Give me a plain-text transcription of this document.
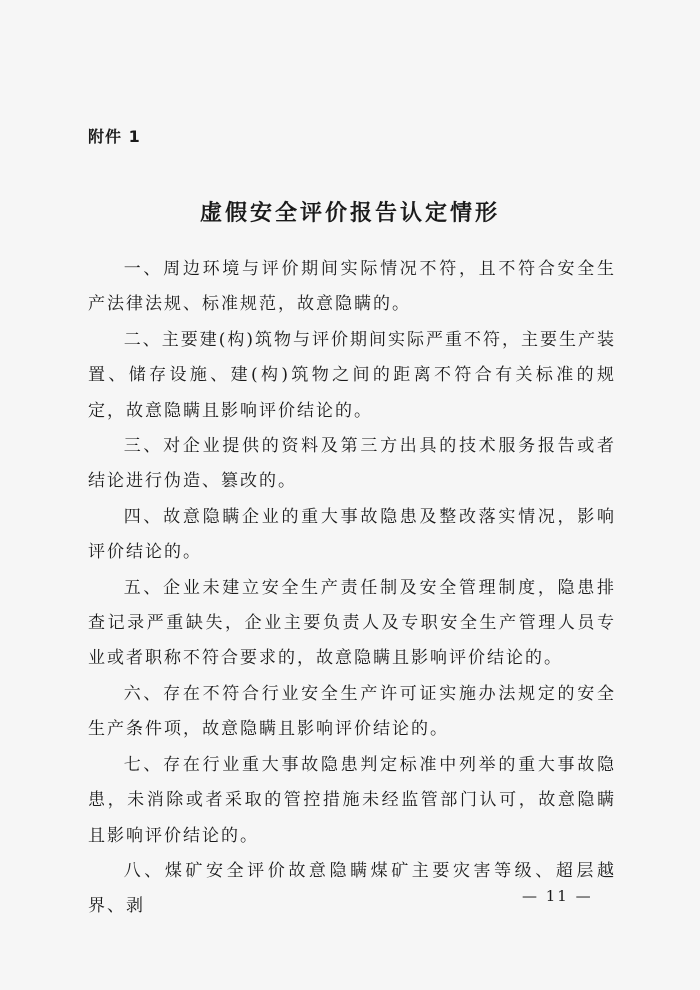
附件 1
虚假安全评价报告认定情形

一、周边环境与评价期间实际情况不符，且不符合安全生产法律法规、标准规范，故意隐瞒的。

二、主要建(构)筑物与评价期间实际严重不符，主要生产装置、储存设施、建(构)筑物之间的距离不符合有关标准的规定，故意隐瞒且影响评价结论的。

三、对企业提供的资料及第三方出具的技术服务报告或者结论进行伪造、篡改的。

四、故意隐瞒企业的重大事故隐患及整改落实情况，影响评价结论的。

五、企业未建立安全生产责任制及安全管理制度，隐患排查记录严重缺失，企业主要负责人及专职安全生产管理人员专业或者职称不符合要求的，故意隐瞒且影响评价结论的。

六、存在不符合行业安全生产许可证实施办法规定的安全生产条件项，故意隐瞒且影响评价结论的。

七、存在行业重大事故隐患判定标准中列举的重大事故隐患，未消除或者采取的管控措施未经监管部门认可，故意隐瞒且影响评价结论的。

八、煤矿安全评价故意隐瞒煤矿主要灾害等级、超层越界、剥

— 11 —
